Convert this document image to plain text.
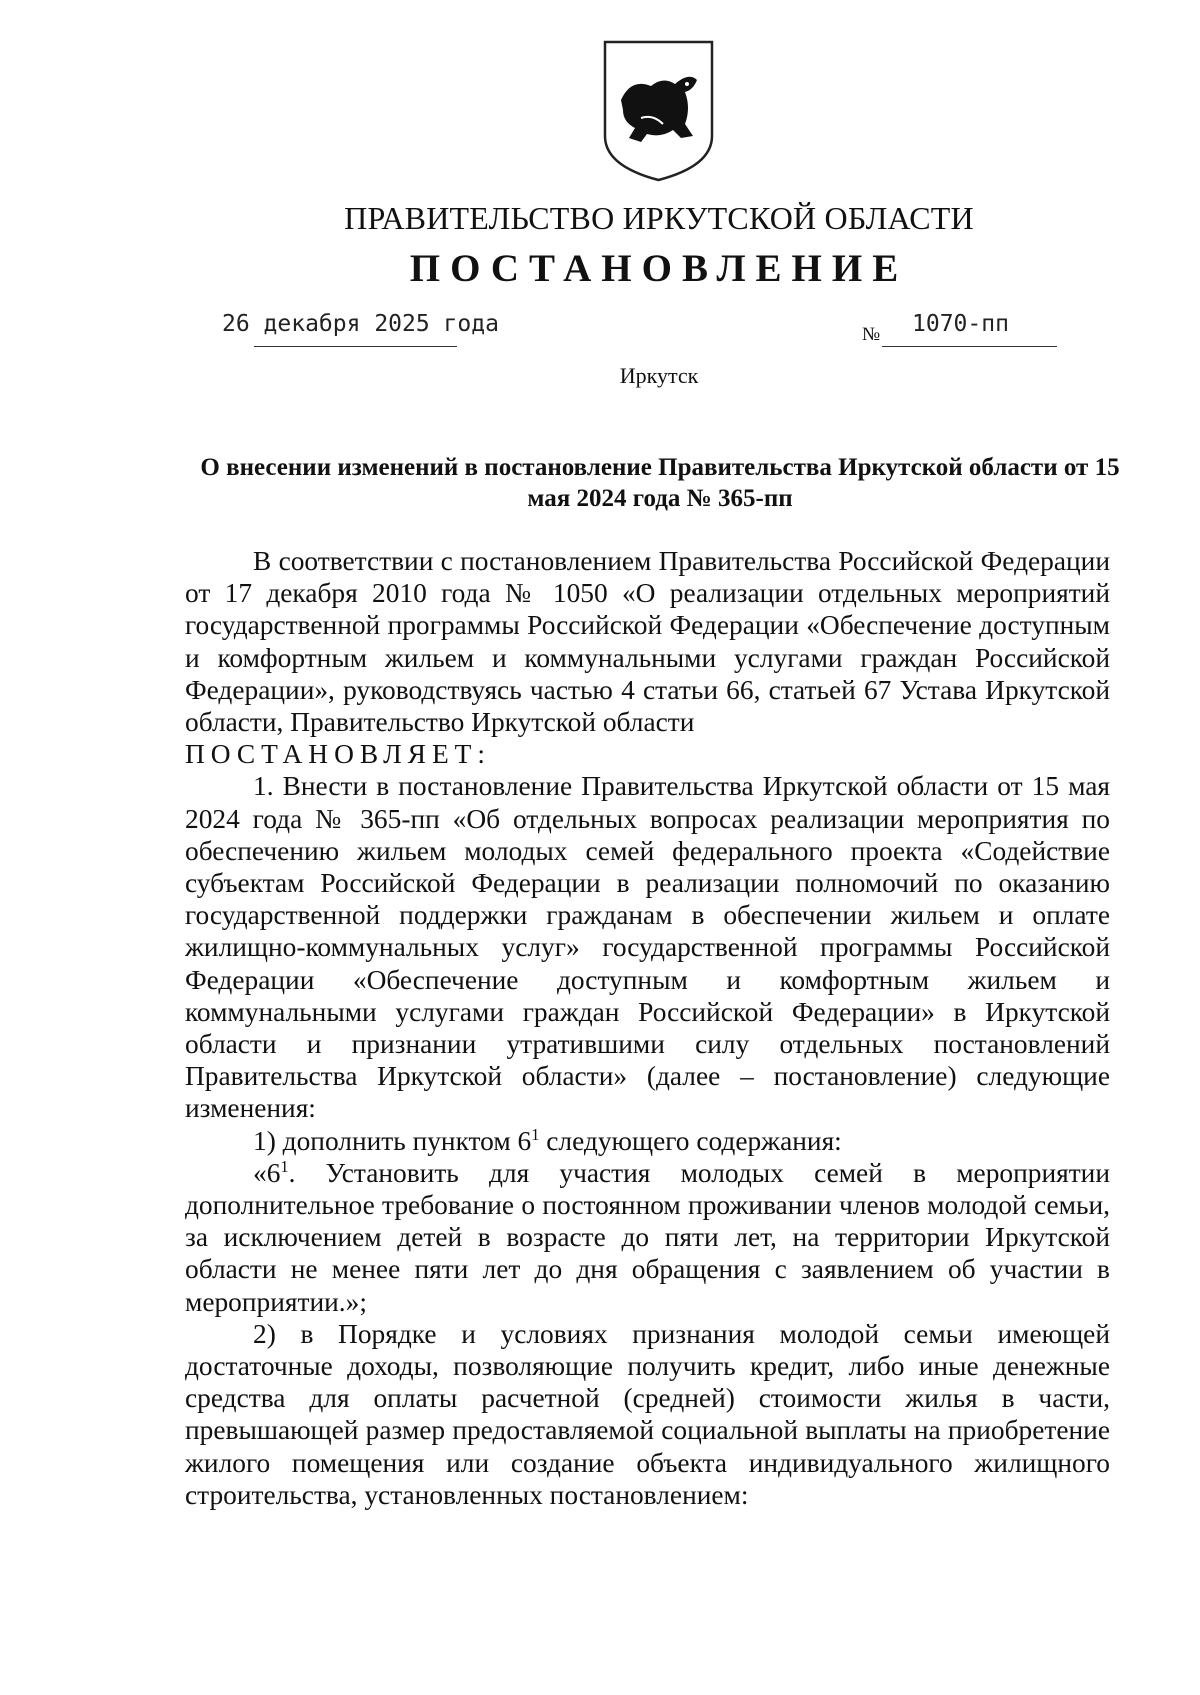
ПРАВИТЕЛЬСТВО ИРКУТСКОЙ ОБЛАСТИ
ПОСТАНОВЛЕНИЕ
26 декабря 2025 года	№ 1070-пп
Иркутск
О внесении изменений в постановление Правительства Иркутской области от 15 мая 2024 года № 365-пп

В соответствии с постановлением Правительства Российской Федерации от 17 декабря 2010 года № 1050 «О реализации отдельных мероприятий государственной программы Российской Федерации «Обеспечение доступным и комфортным жильем и коммунальными услугами граждан Российской Федерации», руководствуясь частью 4 статьи 66, статьей 67 Устава Иркутской области, Правительство Иркутской области

ПОСТАНОВЛЯЕТ:

1. Внести в постановление Правительства Иркутской области от 15 мая 2024 года № 365-пп «Об отдельных вопросах реализации мероприятия по обеспечению жильем молодых семей федерального проекта «Содействие субъектам Российской Федерации в реализации полномочий по оказанию государственной поддержки гражданам в обеспечении жильем и оплате жилищно-коммунальных услуг» государственной программы Российской Федерации «Обеспечение доступным и комфортным жильем и коммунальными услугами граждан Российской Федерации» в Иркутской области и признании утратившими силу отдельных постановлений Правительства Иркутской области» (далее – постановление) следующие изменения:

1) дополнить пунктом $6^1$ следующего содержания:

«$6^1$. Установить для участия молодых семей в мероприятии дополнительное требование о постоянном проживании членов молодой семьи, за исключением детей в возрасте до пяти лет, на территории Иркутской области не менее пяти лет до дня обращения с заявлением об участии в мероприятии.»;

2) в Порядке и условиях признания молодой семьи имеющей достаточные доходы, позволяющие получить кредит, либо иные денежные средства для оплаты расчетной (средней) стоимости жилья в части, превышающей размер предоставляемой социальной выплаты на приобретение жилого помещения или создание объекта индивидуального жилищного строительства, установленных постановлением:
